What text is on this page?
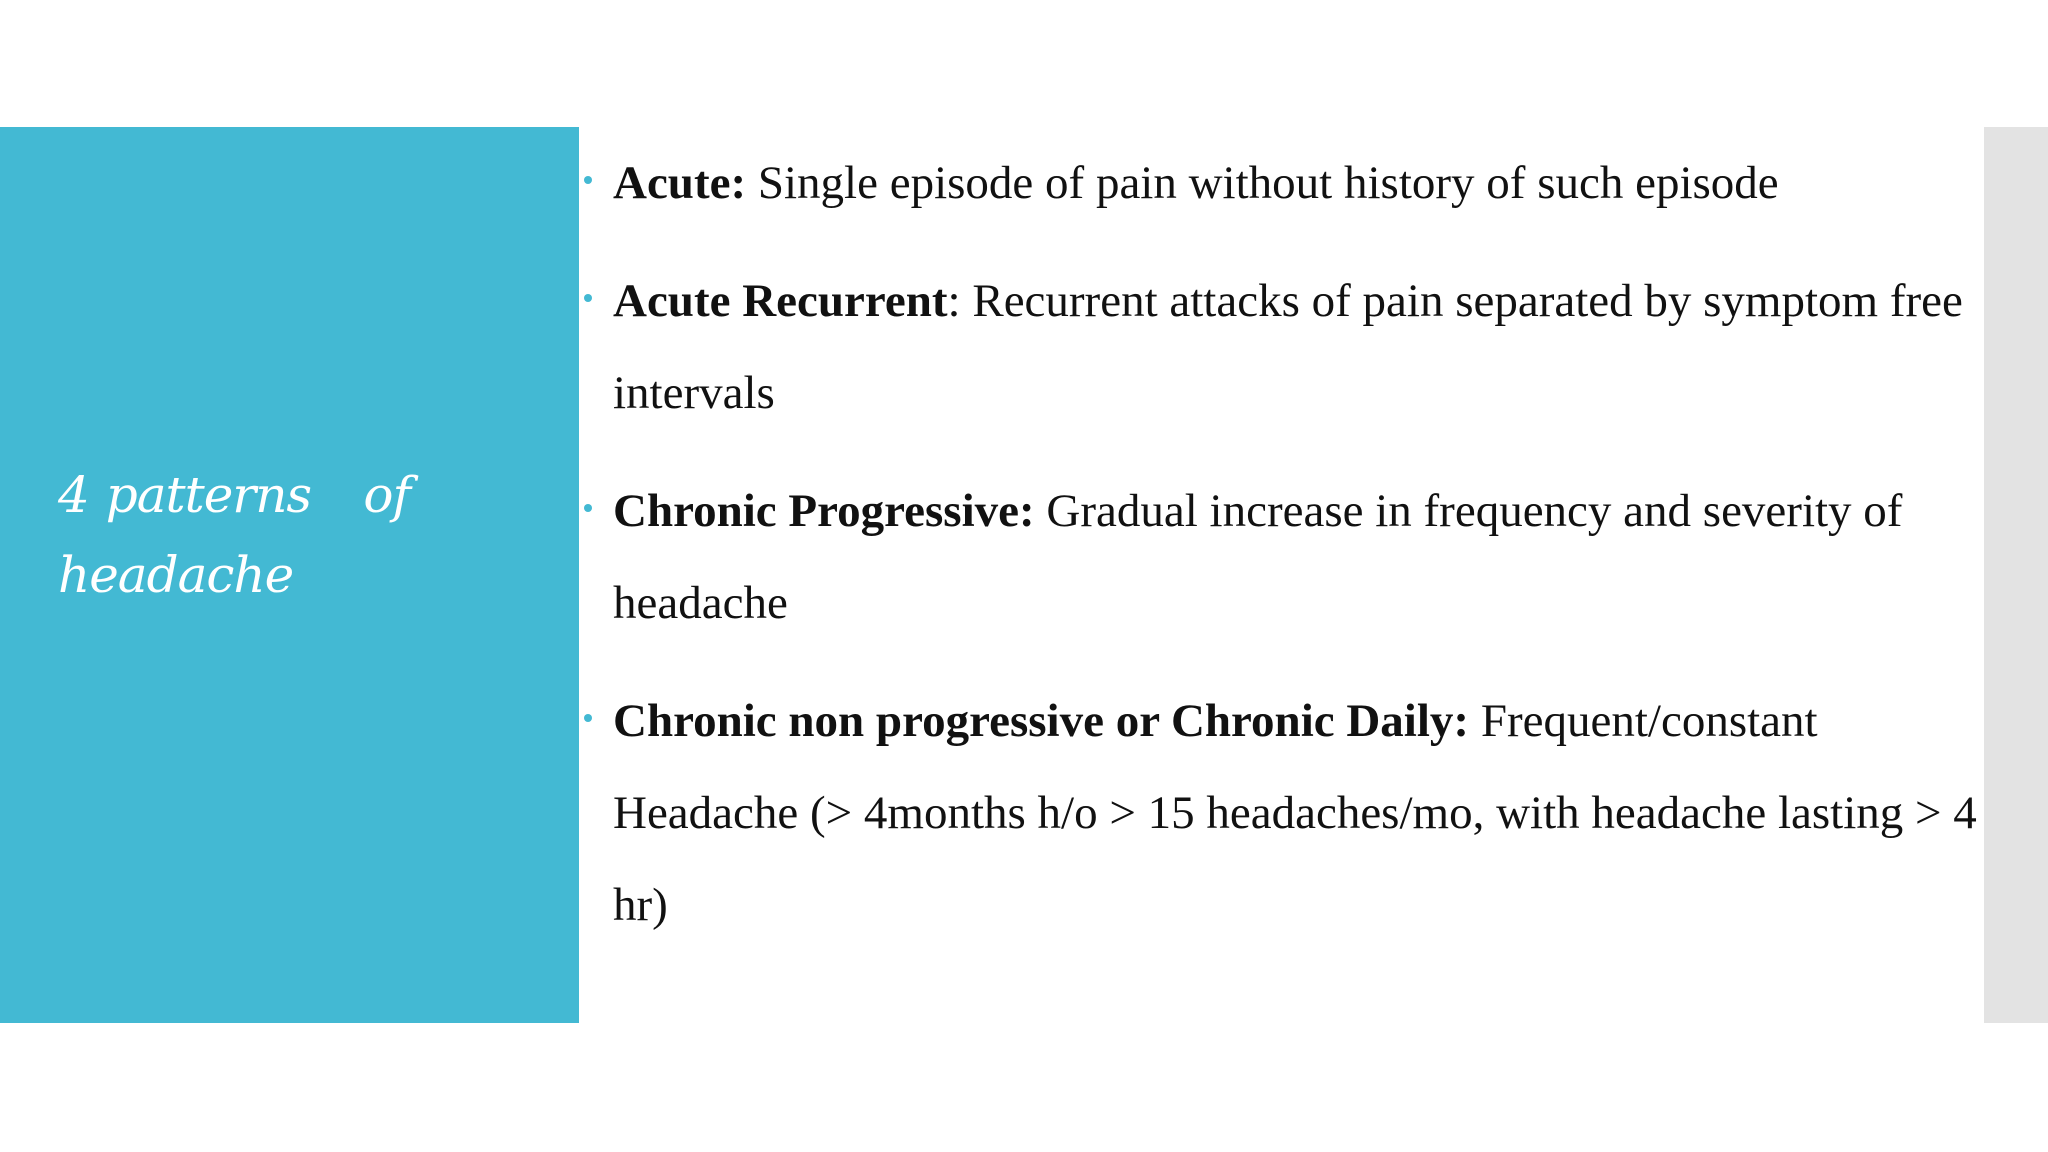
4 patterns of
headache
Acute: Single episode of pain without history of such episode
Acute Recurrent: Recurrent attacks of pain separated by symptom free intervals
Chronic Progressive: Gradual increase in frequency and severity of headache
Chronic non progressive or Chronic Daily: Frequent/constant Headache (> 4months h/o > 15 headaches/mo, with headache lasting > 4 hr)
